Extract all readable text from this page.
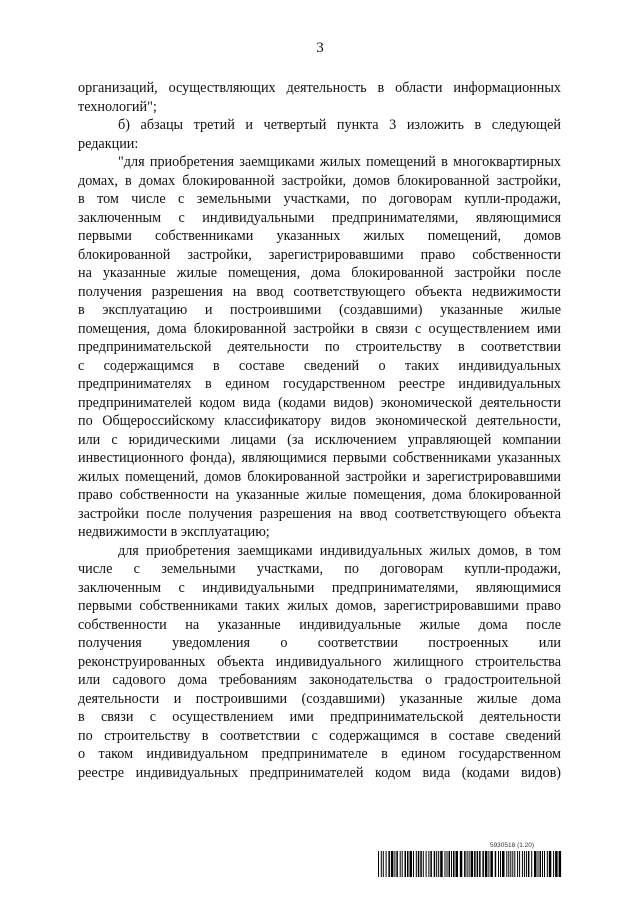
3
организаций, осуществляющих деятельность в области информационных
технологий";
б) абзацы третий и четвертый пункта 3 изложить в следующей
редакции:
"для приобретения заемщиками жилых помещений в многоквартирных
домах, в домах блокированной застройки, домов блокированной застройки,
в том числе с земельными участками, по договорам купли-продажи,
заключенным с индивидуальными предпринимателями, являющимися
первыми собственниками указанных жилых помещений, домов
блокированной застройки, зарегистрировавшими право собственности
на указанные жилые помещения, дома блокированной застройки после
получения разрешения на ввод соответствующего объекта недвижимости
в эксплуатацию и построившими (создавшими) указанные жилые
помещения, дома блокированной застройки в связи с осуществлением ими
предпринимательской деятельности по строительству в соответствии
с содержащимся в составе сведений о таких индивидуальных
предпринимателях в едином государственном реестре индивидуальных
предпринимателей кодом вида (кодами видов) экономической деятельности
по Общероссийскому классификатору видов экономической деятельности,
или с юридическими лицами (за исключением управляющей компании
инвестиционного фонда), являющимися первыми собственниками указанных
жилых помещений, домов блокированной застройки и зарегистрировавшими
право собственности на указанные жилые помещения, дома блокированной
застройки после получения разрешения на ввод соответствующего объекта
недвижимости в эксплуатацию;
для приобретения заемщиками индивидуальных жилых домов, в том
числе с земельными участками, по договорам купли-продажи,
заключенным с индивидуальными предпринимателями, являющимися
первыми собственниками таких жилых домов, зарегистрировавшими право
собственности на указанные индивидуальные жилые дома после
получения уведомления о соответствии построенных или
реконструированных объекта индивидуального жилищного строительства
или садового дома требованиям законодательства о градостроительной
деятельности и построившими (создавшими) указанные жилые дома
в связи с осуществлением ими предпринимательской деятельности
по строительству в соответствии с содержащимся в составе сведений
о таком индивидуальном предпринимателе в едином государственном
реестре индивидуальных предпринимателей кодом вида (кодами видов)
5930518 (1.20)
